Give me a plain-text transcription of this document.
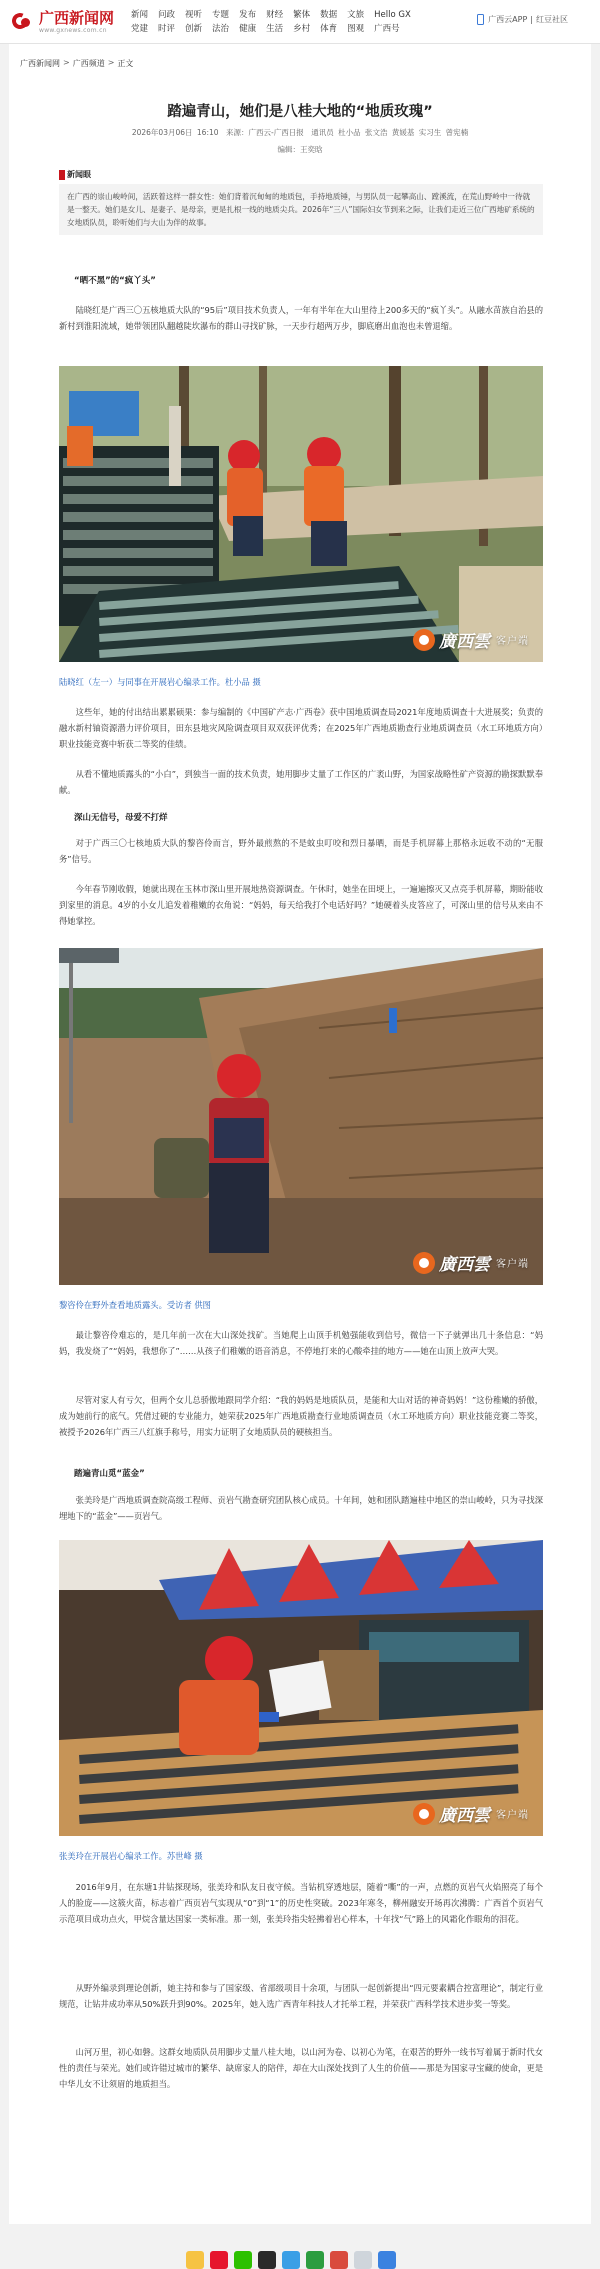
广西新闻网
www.gxnews.com.cn
新闻
党建
问政
时评
视听
创新
专题
法治
发布
健康
财经
生活
繁体
乡村
数据
体育
文旅
图观
Hello GX
广西号
广西云APP | 红豆社区
广西新闻网 > 广西频道 > 正文
踏遍青山，她们是八桂大地的“地质玫瑰”
2026年03月06日 16:10　来源：广西云-广西日报　通讯员 杜小品 张文浩 黄媛基 实习生 曾宪楠
编辑：王奕晗
新闻眼
在广西的崇山峻岭间，活跃着这样一群女性：她们背着沉甸甸的地质包，手持地质锤，与男队员一起攀高山、蹚溪流，在荒山野岭中一待就是一整天。她们是女儿、是妻子、是母亲，更是扎根一线的地质尖兵。2026年“三八”国际妇女节到来之际，让我们走近三位广西地矿系统的女地质队员，聆听她们与大山为伴的故事。
“晒不黑”的“疯丫头”

陆晓红是广西三〇五核地质大队的“95后”项目技术负责人，一年有半年在大山里待上200多天的“疯丫头”。从融水苗族自治县的新村到淮阳流域，她带领团队翻越陡坎瀑布的群山寻找矿脉，一天步行超两万步，脚底磨出血泡也未曾退缩。

廣西雲 客户端
陆晓红（左一）与同事在开展岩心编录工作。杜小品 摄

这些年，她的付出结出累累硕果：参与编制的《中国矿产志·广西卷》获中国地质调查局2021年度地质调查十大进展奖；负责的融水新村铀资源潜力评价项目，田东县地灾风险调查项目双双获评优秀；在2025年广西地质勘查行业地质调查员（水工环地质方向）职业技能竞赛中斩获二等奖的佳绩。

从看不懂地质露头的“小白”，到独当一面的技术负责，她用脚步丈量了工作区的广袤山野，为国家战略性矿产资源的勘探默默奉献。

深山无信号，母爱不打烊

对于广西三〇七核地质大队的黎咨伶而言，野外最煎熬的不是蚊虫叮咬和烈日暴晒，而是手机屏幕上那格永远收不动的“无服务”信号。

今年春节刚收假，她就出现在玉林市深山里开展地热资源调查。午休时，她坐在田埂上，一遍遍擦灭又点亮手机屏幕，期盼能收到家里的消息。4岁的小女儿追发着稚嫩的衣角说：“妈妈，每天给我打个电话好吗？”她硬着头皮答应了，可深山里的信号从来由不得她掌控。

廣西雲 客户端
黎咨伶在野外查看地质露头。受访者 供图

最让黎咨伶难忘的，是几年前一次在大山深处找矿。当她爬上山顶手机勉强能收到信号，微信一下子就弹出几十条信息：“妈妈，我发烧了”“妈妈，我想你了”……从孩子们稚嫩的语音消息，不停地打来的心酸牵挂的地方——她在山顶上放声大哭。

尽管对家人有亏欠，但两个女儿总骄傲地跟同学介绍：“我的妈妈是地质队员，是能和大山对话的神奇妈妈！”这份稚嫩的骄傲，成为她前行的底气。凭借过硬的专业能力，她荣获2025年广西地质勘查行业地质调查员（水工环地质方向）职业技能竞赛二等奖，被授予2026年广西三八红旗手称号，用实力证明了女地质队员的硬核担当。

踏遍青山觅“蓝金”

张美玲是广西地质调查院高级工程师、贡岩气勘查研究团队核心成员。十年间，她和团队踏遍桂中地区的崇山峻岭，只为寻找深埋地下的“蓝金”——页岩气。

廣西雲 客户端
张美玲在开展岩心编录工作。苏世峰 摄

2016年9月，在东塘1井钻探现场，张美玲和队友日夜守候。当钻机穿透地层，随着“嘶”的一声，点燃的页岩气火焰照亮了每个人的脸庞——这簇火苗，标志着广西页岩气实现从“0”到“1”的历史性突破。2023年寒冬，柳州融安开场再次沸腾：广西首个页岩气示范项目成功点火，甲烷含量达国家一类标准。那一刻，张美玲指尖轻拂着岩心样本，十年找“气”路上的风霜化作眼角的泪花。

从野外编录到理论创新，她主持和参与了国家级、省部级项目十余项，与团队一起创新提出“四元要素耦合控富理论”，制定行业规范，让钻井成功率从50%跃升到90%。2025年，她入选广西青年科技人才托举工程，并荣获广西科学技术进步奖一等奖。

山河万里，初心如磐。这群女地质队员用脚步丈量八桂大地，以山河为卷、以初心为笔，在艰苦的野外一线书写着属于新时代女性的责任与荣光。她们或许错过城市的繁华、缺席家人的陪伴，却在大山深处找到了人生的价值——那是为国家寻宝藏的使命，更是中华儿女不让须眉的地质担当。
